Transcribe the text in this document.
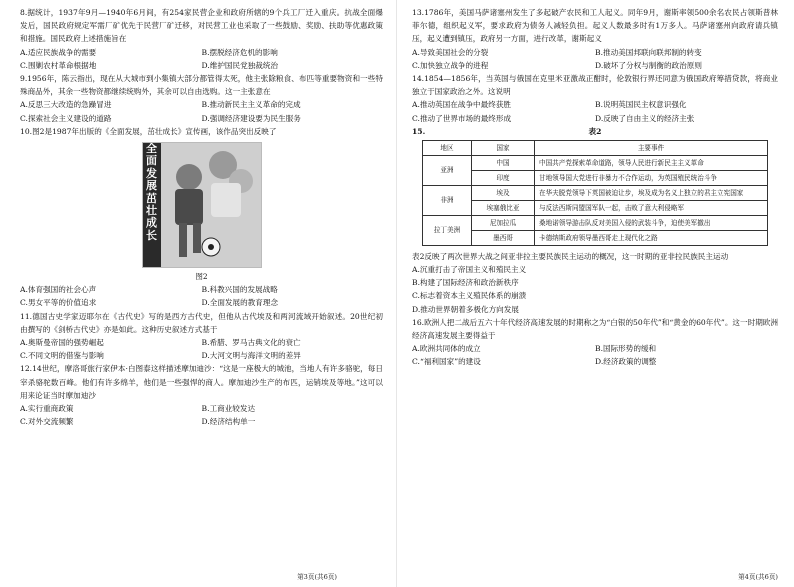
8.据统计，1937年9月—1940年6月间，有254家民营企业和政府所辖的9个兵工厂迁入重庆。抗战全面爆发后，国民政府规定军需厂矿优先于民营厂矿迁移，对民营工业也采取了一些鼓励、奖励、扶助等优惠政策和措施。国民政府上述措施旨在

A.适应民族战争的需要	B.摆脱经济危机的影响
C.围剿农村革命根据地	D.维护国民党独裁统治

9.1956年，陈云指出，现在从大城市到小集镇大部分都管得太死，他主张除粮食、布匹等重要物资和一些特殊商品外，其余一些物资都继续统购外，其余可以自由选购。这一主张意在

A.反思三大改造的急躁冒进	B.推动新民主主义革命的完成
C.探索社会主义建设的道路	D.强调经济建设要为民生服务

10.图2是1987年出版的《全面发展，茁壮成长》宣传画，该作品突出反映了

全
面
发
展
茁
壮
成
长
图2
A.体育强国的社会心声	B.科教兴国的发展战略
C.男女平等的价值追求	D.全面发展的教育理念

11.德国古史学家迈耶尔在《古代史》写的是西方古代史，但他从古代埃及和两河流域开始叙述。20世纪初由撰写的《剑桥古代史》亦是如此。这种历史叙述方式基于

A.奥斯曼帝国的强势崛起	B.希腊、罗马古典文化的衰亡
C.不同文明的借鉴与影响	D.大河文明与海洋文明的差异

12.14世纪，摩洛哥旅行家伊本·白图泰这样描述摩加迪沙：“这是一座极大的城池，当地人有许多骆驼，每日宰杀骆驼数百峰。他们有许多绵羊，他们是一些强悍的商人。摩加迪沙生产的布匹，运销埃及等地。”这可以用来论证当时摩加迪沙

A.实行重商政策	B.工商业较发达
C.对外交流频繁	D.经济结构单一
第3页(共6页)

13.1786年，美国马萨诸塞州发生了多起破产农民和工人起义。同年9月，谢斯率领500余名农民占领斯普林菲尔德，组织起义军，要求政府为债务人减轻负担。起义人数最多时有1万多人。马萨诸塞州向政府请兵镇压，起义遭到镇压，政府另一方面，进行改革，谢斯起义

A.导致美国社会的分裂	B.推动美国邦联向联邦制的转变
C.加快独立战争的进程	D.破坏了分权与制衡的政治原则

14.1854—1856年，当英国与俄国在克里米亚激战正酣时，伦敦银行界还同意为俄国政府筹措贷款，将商业独立于国家政治之外。这说明

A.推动英国在战争中最终获胜	B.说明英国民主权意识强化
C.推动了世界市场的最终形成	D.反映了自由主义的经济主张
15.	表2
地区	国家	主要事件
亚洲	中国	中国共产党探索革命道路，领导人民进行新民主主义革命
	印度	甘地领导国大党进行非暴力不合作运动，为英国殖民统治斗争
非洲	埃及	在华夫脱党领导下英国被迫让步，埃及成为名义上独立的君主立宪国家
	埃塞俄比亚	与反法西斯同盟国军队一起，击败了意大利侵略军
拉丁美洲	尼加拉瓜	桑地诺领导游击队反对美国入侵的武装斗争，迫使美军撤出
	墨西哥	卡德纳斯政府领导墨西哥走上现代化之路

表2反映了两次世界大战之间亚非拉主要民族民主运动的概况，这一时期的亚非拉民族民主运动

A.沉重打击了帝国主义和殖民主义
B.构建了国际经济和政治新秩序
C.标志着资本主义殖民体系的崩溃
D.推动世界朝着多极化方向发展

16.欧洲人把二战后五六十年代经济高速发展的时期称之为“白银的50年代”和“黄金的60年代”。这一时期欧洲经济高速发展主要得益于

A.欧洲共同体的成立	B.国际形势的缓和
C.“福利国家”的建设	D.经济政策的调整
第4页(共6页)
